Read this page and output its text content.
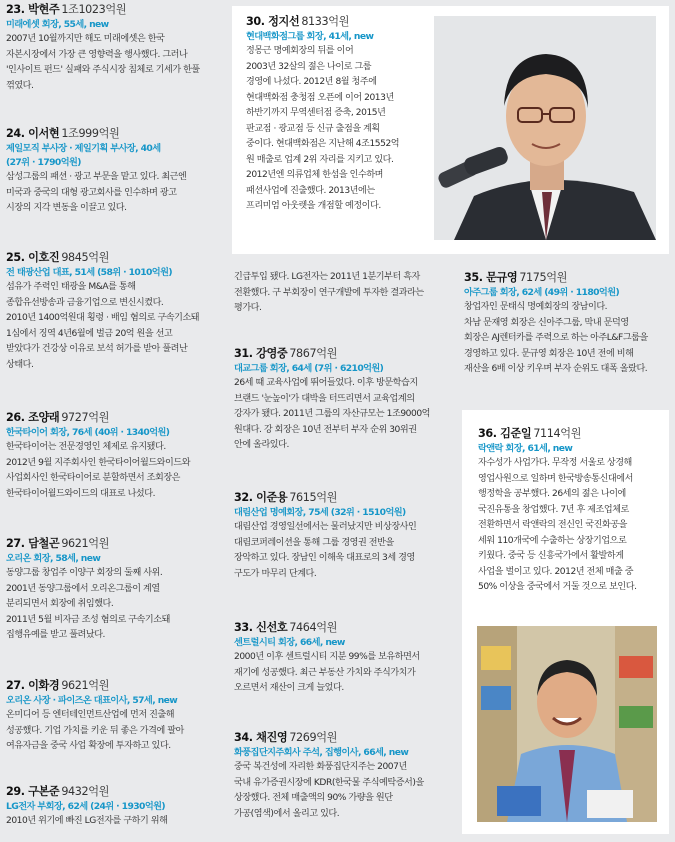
23. 박현주 1조1023억원
미래에셋 회장, 55세, new
2007년 10월까지만 해도 미래에셋은 한국
자본시장에서 가장 큰 영향력을 행사했다. 그러나
'인사이트 펀드' 실패와 주식시장 침체로 기세가 한풀
꺾였다.
24. 이서현 1조999억원
제일모직 부사장 · 제일기획 부사장, 40세
(27위 · 1790억원)
삼성그룹의 패션 · 광고 부문을 맡고 있다. 최근엔
미국과 중국의 대형 광고회사를 인수하며 광고
시장의 지각 변동을 이끌고 있다.
25. 이호진 9845억원
전 태광산업 대표, 51세 (58위 · 1010억원)
섬유가 주력인 태광을 M&A를 통해
종합유선방송과 금융기업으로 변신시켰다.
2010년 1400억원대 횡령 · 배임 혐의로 구속기소돼
1심에서 징역 4년6월에 벌금 20억 원을 선고
받았다가 건강상 이유로 보석 허가를 받아 풀려난
상태다.
26. 조양래 9727억원
한국타이어 회장, 76세 (40위 · 1340억원)
한국타이어는 전문경영인 체제로 유지됐다.
2012년 9월 지주회사인 한국타이어월드와이드와
사업회사인 한국타이어로 분할하면서 조회장은
한국타이어월드와이드의 대표로 나섰다.
27. 담철곤 9621억원
오리온 회장, 58세, new
동양그룹 창업주 이양구 회장의 둘째 사위.
2001년 동양그룹에서 오리온그룹이 계열
분리되면서 회장에 취임했다.
2011년 5월 비자금 조성 혐의로 구속기소돼
집행유예를 받고 풀려났다.
27. 이화경 9621억원
오리온 사장 · 파이즈온 대표이사, 57세, new
온미디어 등 엔터테인먼트산업에 먼저 진출해
성공했다. 기업 가치를 키운 뒤 좋은 가격에 팔아
여유자금을 중국 사업 확장에 투자하고 있다.
29. 구본준 9432억원
LG전자 부회장, 62세 (24위 · 1930억원)
2010년 위기에 빠진 LG전자를 구하기 위해
30. 정지선 8133억원
현대백화점그룹 회장, 41세, new
정몽근 명예회장의 뒤를 이어
2003년 32살의 젊은 나이로 그룹
경영에 나섰다. 2012년 8월 청주에
현대백화점 충청점 오픈에 이어 2013년
하반기까지 무역센터점 증축, 2015년
판교점 · 광교점 등 신규 출점을 계획
중이다. 현대백화점은 지난해 4조1552억
원 매출로 업계 2위 자리를 지키고 있다.
2012년엔 의류업체 한섬을 인수하며
패션사업에 진출했다. 2013년에는
프리미엄 아웃렛을 개점할 예정이다.
긴급투입 됐다. LG전자는 2011년 1분기부터 흑자
전환했다. 구 부회장이 연구개발에 투자한 결과라는
평가다.
31. 강영중 7867억원
대교그룹 회장, 64세 (7위 · 6210억원)
26세 때 교육사업에 뛰어들었다. 이후 방문학습지
브랜드 '눈높이'가 대박을 터뜨리면서 교육업계의
강자가 됐다. 2011년 그룹의 자산규모는 1조9000억
원대다. 강 회장은 10년 전부터 부자 순위 30위권
안에 올라있다.
32. 이준용 7615억원
대림산업 명예회장, 75세 (32위 · 1510억원)
대림산업 경영일선에서는 물러났지만 비상장사인
대림코퍼레이션을 통해 그룹 경영권 전반을
장악하고 있다. 장남인 이해욱 대표로의 3세 경영
구도가 마무리 단계다.
33. 신선호 7464억원
센트럴시티 회장, 66세, new
2000년 이후 센트럴시티 지분 99%를 보유하면서
재기에 성공했다. 최근 부동산 가치와 주식가치가
오르면서 재산이 크게 늘었다.
34. 채진영 7269억원
화풍집단지주회사 주석, 집행이사, 66세, new
중국 복건성에 자리한 화풍집단지주는 2007년
국내 유가증권시장에 KDR(한국물 주식예탁증서)을
상장했다. 전체 매출액의 90% 가량을 원단
가공(염색)에서 올리고 있다.
35. 문규영 7175억원
아주그룹 회장, 62세 (49위 · 1180억원)
창업자인 문태식 명예회장의 장남이다.
차남 문재영 회장은 신아주그룹, 막내 문덕영
회장은 AJ렌터카를 주력으로 하는 아주L&F그룹을
경영하고 있다. 문규영 회장은 10년 전에 비해
재산을 6배 이상 키우며 부자 순위도 대폭 올랐다.
36. 김준일 7114억원
락앤락 회장, 61세, new
자수성가 사업가다. 무작정 서울로 상경해
영업사원으로 일하며 한국방송통신대에서
행정학을 공부했다. 26세의 젊은 나이에
국진유통을 창업했다. 7년 후 제조업체로
전환하면서 락앤락의 전신인 국진화공을
세워 110개국에 수출하는 상장기업으로
키웠다. 중국 등 신흥국가에서 활발하게
사업을 벌이고 있다. 2012년 전체 매출 중
50% 이상을 중국에서 거둘 것으로 보인다.
